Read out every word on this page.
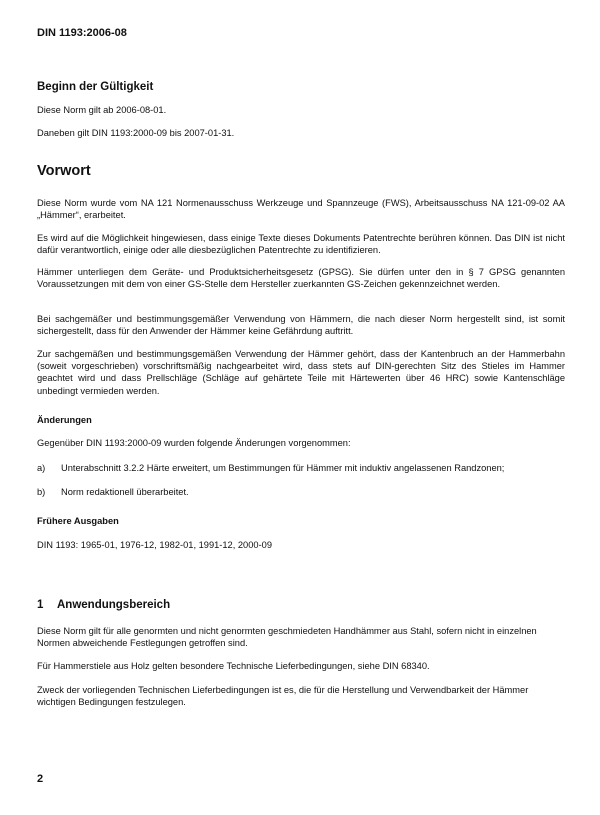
DIN 1193:2006-08
Beginn der Gültigkeit
Diese Norm gilt ab 2006-08-01.
Daneben gilt DIN 1193:2000-09 bis 2007-01-31.
Vorwort
Diese Norm wurde vom NA 121 Normenausschuss Werkzeuge und Spannzeuge (FWS), Arbeitsausschuss NA 121-09-02 AA „Hämmer“, erarbeitet.
Es wird auf die Möglichkeit hingewiesen, dass einige Texte dieses Dokuments Patentrechte berühren können. Das DIN ist nicht dafür verantwortlich, einige oder alle diesbezüglichen Patentrechte zu identifizieren.
Hämmer unterliegen dem Geräte- und Produktsicherheitsgesetz (GPSG). Sie dürfen unter den in § 7 GPSG genannten Voraussetzungen mit dem von einer GS-Stelle dem Hersteller zuerkannten GS-Zeichen gekennzeichnet werden.
Bei sachgemäßer und bestimmungsgemäßer Verwendung von Hämmern, die nach dieser Norm hergestellt sind, ist somit sichergestellt, dass für den Anwender der Hämmer keine Gefährdung auftritt.
Zur sachgemäßen und bestimmungsgemäßen Verwendung der Hämmer gehört, dass der Kantenbruch an der Hammerbahn (soweit vorgeschrieben) vorschriftsmäßig nachgearbeitet wird, dass stets auf DIN-gerechten Sitz des Stieles im Hammer geachtet wird und dass Prellschläge (Schläge auf gehärtete Teile mit Härtewerten über 46 HRC) sowie Kantenschläge unbedingt vermieden werden.
Änderungen
Gegenüber DIN 1193:2000-09 wurden folgende Änderungen vorgenommen:
a) Unterabschnitt 3.2.2 Härte erweitert, um Bestimmungen für Hämmer mit induktiv angelassenen Randzonen;
b) Norm redaktionell überarbeitet.
Frühere Ausgaben
DIN 1193: 1965-01, 1976-12, 1982-01, 1991-12, 2000-09
1 Anwendungsbereich
Diese Norm gilt für alle genormten und nicht genormten geschmiedeten Handhämmer aus Stahl, sofern nicht in einzelnen Normen abweichende Festlegungen getroffen sind.
Für Hammerstiele aus Holz gelten besondere Technische Lieferbedingungen, siehe DIN 68340.
Zweck der vorliegenden Technischen Lieferbedingungen ist es, die für die Herstellung und Verwendbarkeit der Hämmer wichtigen Bedingungen festzulegen.
2
